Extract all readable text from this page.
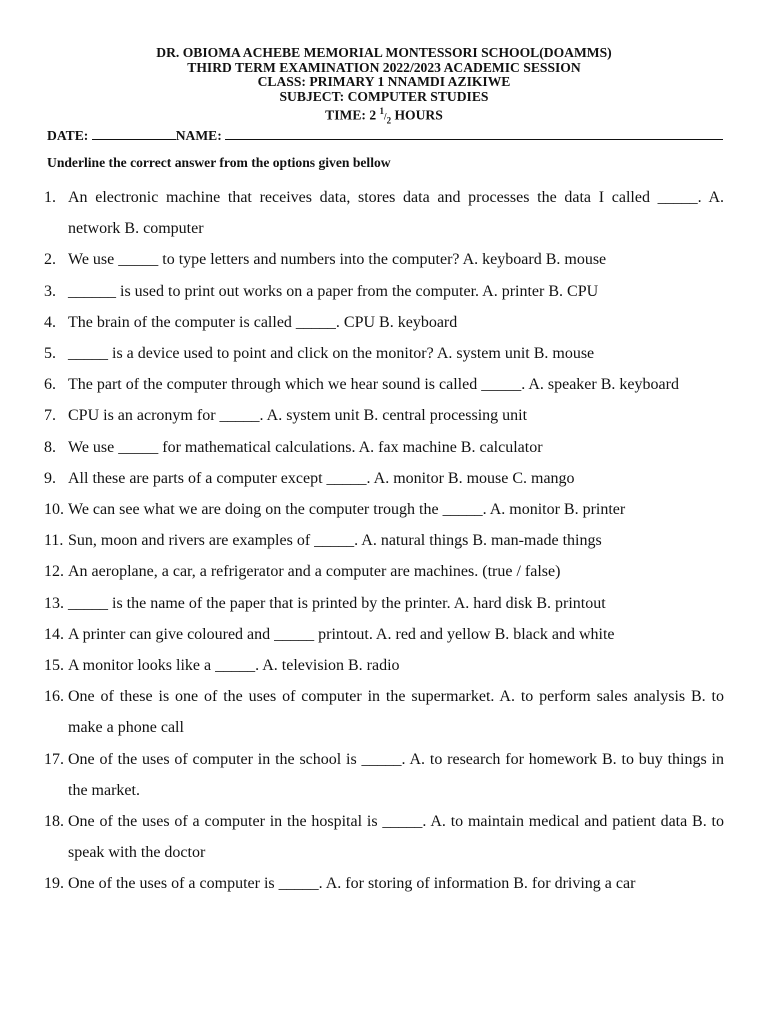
DR. OBIOMA ACHEBE MEMORIAL MONTESSORI SCHOOL(DOAMMS)
THIRD TERM EXAMINATION 2022/2023 ACADEMIC SESSION
CLASS: PRIMARY 1 NNAMDI AZIKIWE
SUBJECT: COMPUTER STUDIES
TIME: 2 $^1/_2$ HOURS
DATE:	NAME:
Underline the correct answer from the options given bellow

1. An electronic machine that receives data, stores data and processes the data I called _____. A. network B. computer

2. We use _____ to type letters and numbers into the computer? A. keyboard B. mouse

3. ______ is used to print out works on a paper from the computer. A. printer B. CPU

4. The brain of the computer is called _____. CPU B. keyboard

5. _____ is a device used to point and click on the monitor? A. system unit B. mouse

6. The part of the computer through which we hear sound is called _____. A. speaker B. keyboard

7. CPU is an acronym for _____. A. system unit B. central processing unit

8. We use _____ for mathematical calculations. A. fax machine B. calculator

9. All these are parts of a computer except _____. A. monitor B. mouse C. mango

10. We can see what we are doing on the computer trough the _____. A. monitor B. printer

11. Sun, moon and rivers are examples of _____. A. natural things B. man-made things

12. An aeroplane, a car, a refrigerator and a computer are machines. (true / false)

13. _____ is the name of the paper that is printed by the printer. A. hard disk B. printout

14. A printer can give coloured and _____ printout. A. red and yellow B. black and white

15. A monitor looks like a _____. A. television B. radio

16. One of these is one of the uses of computer in the supermarket. A. to perform sales analysis B. to make a phone call

17. One of the uses of computer in the school is _____. A. to research for homework B. to buy things in the market.

18. One of the uses of a computer in the hospital is _____. A. to maintain medical and patient data B. to speak with the doctor

19. One of the uses of a computer is _____. A. for storing of information B. for driving a car
